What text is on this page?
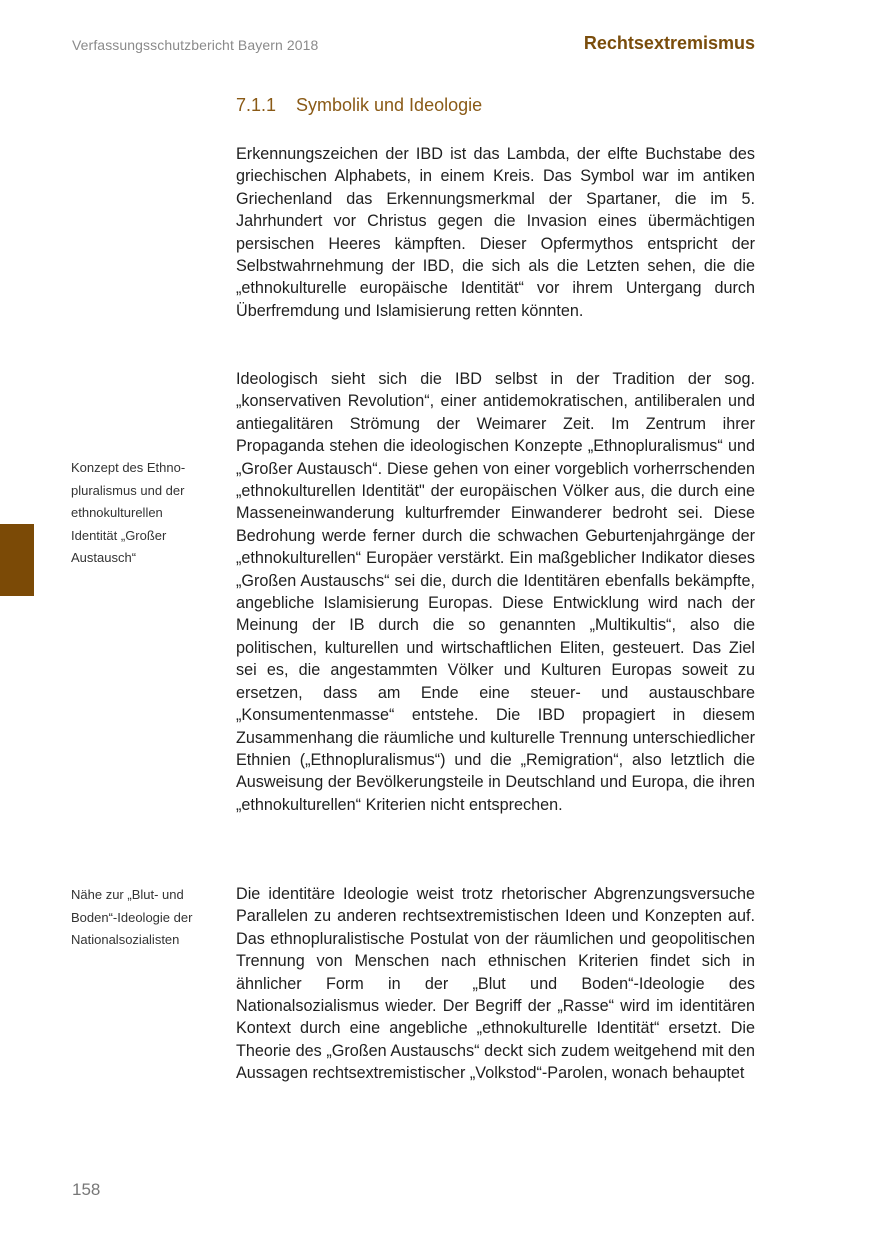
Verfassungsschutzbericht Bayern 2018	Rechtsextremismus
7.1.1 Symbolik und Ideologie

Erkennungszeichen der IBD ist das Lambda, der elfte Buchstabe des griechischen Alphabets, in einem Kreis. Das Symbol war im antiken Griechenland das Erkennungsmerkmal der Spartaner, die im 5. Jahrhundert vor Christus gegen die Invasion eines übermächtigen persischen Heeres kämpften. Dieser Opfermythos entspricht der Selbstwahrnehmung der IBD, die sich als die Letzten sehen, die die „ethnokulturelle europäische Identität“ vor ihrem Untergang durch Überfremdung und Islamisierung retten könnten.

Ideologisch sieht sich die IBD selbst in der Tradition der sog. „konservativen Revolution“, einer antidemokratischen, antiliberalen und antiegalitären Strömung der Weimarer Zeit. Im Zentrum ihrer Propaganda stehen die ideologischen Konzepte „Ethnopluralismus“ und „Großer Austausch“. Diese gehen von einer vorgeblich vorherrschenden „ethnokulturellen Identität" der europäischen Völker aus, die durch eine Masseneinwanderung kulturfremder Einwanderer bedroht sei. Diese Bedrohung werde ferner durch die schwachen Geburtenjahrgänge der „ethnokulturellen“ Europäer verstärkt. Ein maßgeblicher Indikator dieses „Großen Austauschs“ sei die, durch die Identitären ebenfalls bekämpfte, angebliche Islamisierung Europas. Diese Entwicklung wird nach der Meinung der IB durch die so genannten „Multikultis“, also die politischen, kulturellen und wirtschaftlichen Eliten, gesteuert. Das Ziel sei es, die angestammten Völker und Kulturen Europas soweit zu ersetzen, dass am Ende eine steuer- und austauschbare „Konsumentenmasse“ entstehe. Die IBD propagiert in diesem Zusammenhang die räumliche und kulturelle Trennung unterschiedlicher Ethnien („Ethnopluralismus“) und die „Remigration“, also letztlich die Ausweisung der Bevölkerungsteile in Deutschland und Europa, die ihren „ethnokulturellen“ Kriterien nicht entsprechen.

Die identitäre Ideologie weist trotz rhetorischer Abgrenzungsversuche Parallelen zu anderen rechtsextremistischen Ideen und Konzepten auf. Das ethnopluralistische Postulat von der räumlichen und geopolitischen Trennung von Menschen nach ethnischen Kriterien findet sich in ähnlicher Form in der „Blut und Boden“-Ideologie des Nationalsozialismus wieder. Der Begriff der „Rasse“ wird im identitären Kontext durch eine angebliche „ethnokulturelle Identität“ ersetzt. Die Theorie des „Großen Austauschs“ deckt sich zudem weitgehend mit den Aussagen rechtsextremistischer „Volkstod“-Parolen, wonach behauptet

Konzept des Ethnopluralismus und der ethnokulturellen Identität „Großer Austausch“
Nähe zur „Blut- und Boden“-Ideologie der Nationalsozialisten
158
